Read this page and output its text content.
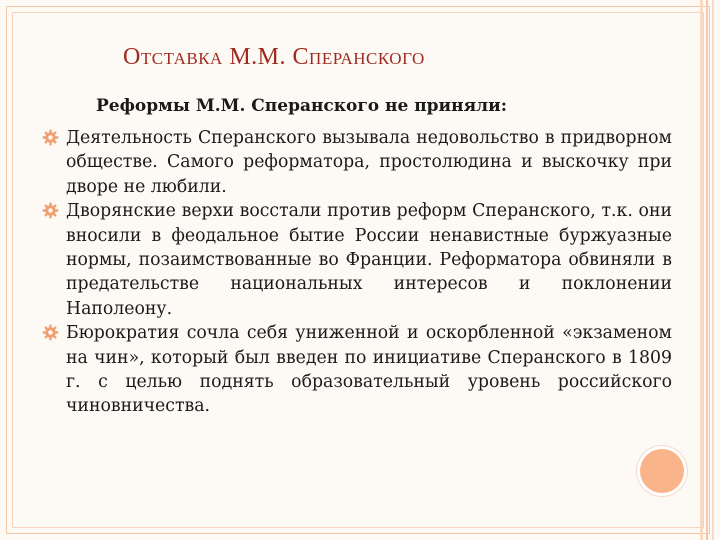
ОТСТАВКА М.М. СПЕРАНСКОГО
Реформы М.М. Сперанского не приняли:
Деятельность Сперанского вызывала недовольство в придворном обществе. Самого реформатора, простолюдина и выскочку при дворе не любили.
Дворянские верхи восстали против реформ Сперанского, т.к. они вносили в феодальное бытие России ненавистные буржуазные нормы, позаимствованные во Франции. Реформатора обвиняли в предательстве национальных интересов и поклонении Наполеону.
Бюрократия сочла себя униженной и оскорбленной «экзаменом на чин», который был введен по инициативе Сперанского в 1809 г. с целью поднять образовательный уровень российского чиновничества.
